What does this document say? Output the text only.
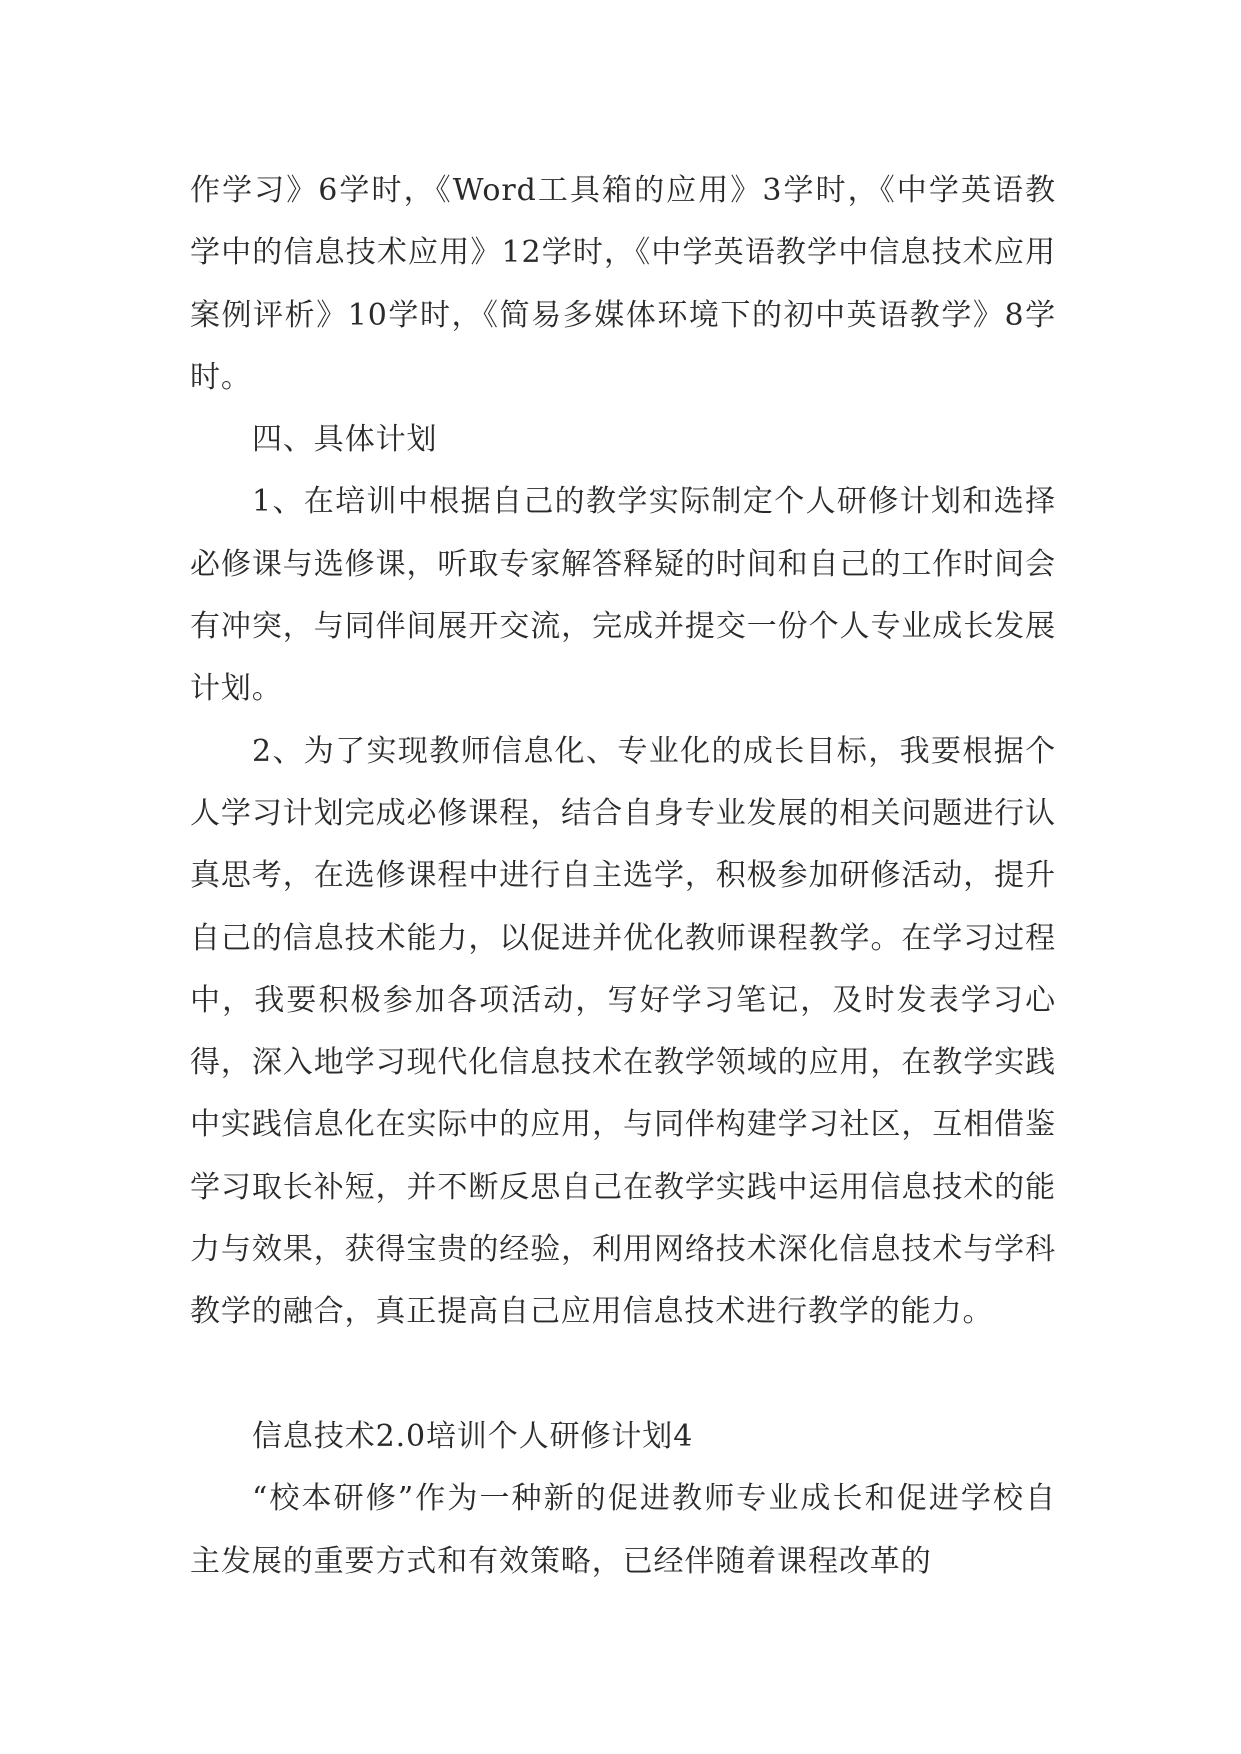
作学习》6学时，《Word工具箱的应用》3学时，《中学英语教学中的信息技术应用》12学时，《中学英语教学中信息技术应用案例评析》10学时，《简易多媒体环境下的初中英语教学》8学时。

四、具体计划

1、在培训中根据自己的教学实际制定个人研修计划和选择必修课与选修课，听取专家解答释疑的时间和自己的工作时间会有冲突，与同伴间展开交流，完成并提交一份个人专业成长发展计划。

2、为了实现教师信息化、专业化的成长目标，我要根据个人学习计划完成必修课程，结合自身专业发展的相关问题进行认真思考，在选修课程中进行自主选学，积极参加研修活动，提升自己的信息技术能力，以促进并优化教师课程教学。在学习过程中，我要积极参加各项活动，写好学习笔记，及时发表学习心得，深入地学习现代化信息技术在教学领域的应用，在教学实践中实践信息化在实际中的应用，与同伴构建学习社区，互相借鉴学习取长补短，并不断反思自己在教学实践中运用信息技术的能力与效果，获得宝贵的经验，利用网络技术深化信息技术与学科教学的融合，真正提高自己应用信息技术进行教学的能力。

信息技术2.0培训个人研修计划4

“校本研修”作为一种新的促进教师专业成长和促进学校自主发展的重要方式和有效策略，已经伴随着课程改革的
